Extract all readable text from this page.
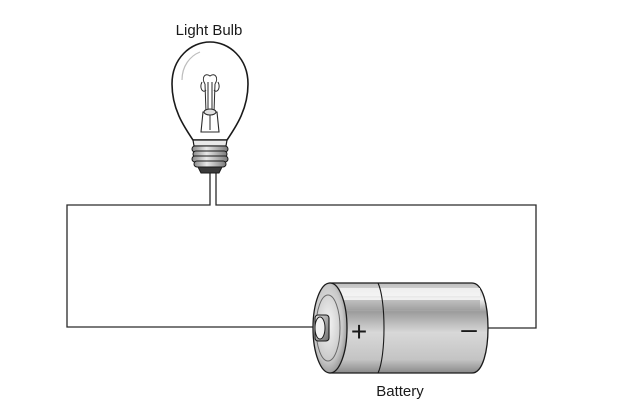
Light Bulb
+	–
Battery
